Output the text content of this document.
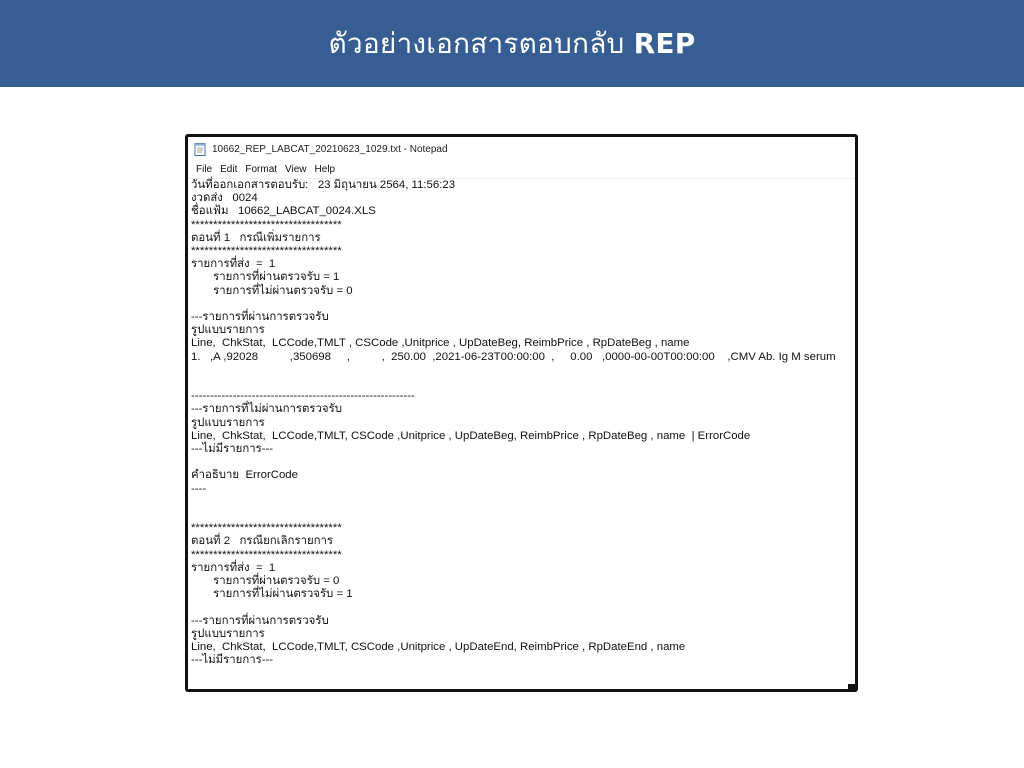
ตัวอย่างเอกสารตอบกลับ REP
10662_REP_LABCAT_20210623_1029.txt - Notepad
File Edit Format View Help
วันที่ออกเอกสารตอบรับ:   23 มิถุนายน 2564, 11:56:23
งวดส่ง   0024
ชื่อแฟ้ม   10662_LABCAT_0024.XLS
**********************************
ตอนที่ 1   กรณีเพิ่มรายการ
**********************************
รายการที่ส่ง  =  1
รายการที่ผ่านตรวจรับ = 1
รายการที่ไม่ผ่านตรวจรับ = 0

---รายการที่ผ่านการตรวจรับ
รูปแบบรายการ
Line,  ChkStat,  LCCode,TMLT , CSCode ,Unitprice , UpDateBeg, ReimbPrice , RpDateBeg , name
1.   ,A ,92028          ,350698     ,          ,  250.00  ,2021-06-23T00:00:00  ,     0.00   ,0000-00-00T00:00:00    ,CMV Ab. Ig M serum

-----------------------------------------------------------
---รายการที่ไม่ผ่านการตรวจรับ
รูปแบบรายการ
Line,  ChkStat,  LCCode,TMLT, CSCode ,Unitprice , UpDateBeg, ReimbPrice , RpDateBeg , name  | ErrorCode
---ไม่มีรายการ---

คำอธิบาย  ErrorCode
----

**********************************
ตอนที่ 2   กรณียกเลิกรายการ
**********************************
รายการที่ส่ง  =  1
รายการที่ผ่านตรวจรับ = 0
รายการที่ไม่ผ่านตรวจรับ = 1

---รายการที่ผ่านการตรวจรับ
รูปแบบรายการ
Line,  ChkStat,  LCCode,TMLT, CSCode ,Unitprice , UpDateEnd, ReimbPrice , RpDateEnd , name
---ไม่มีรายการ---
